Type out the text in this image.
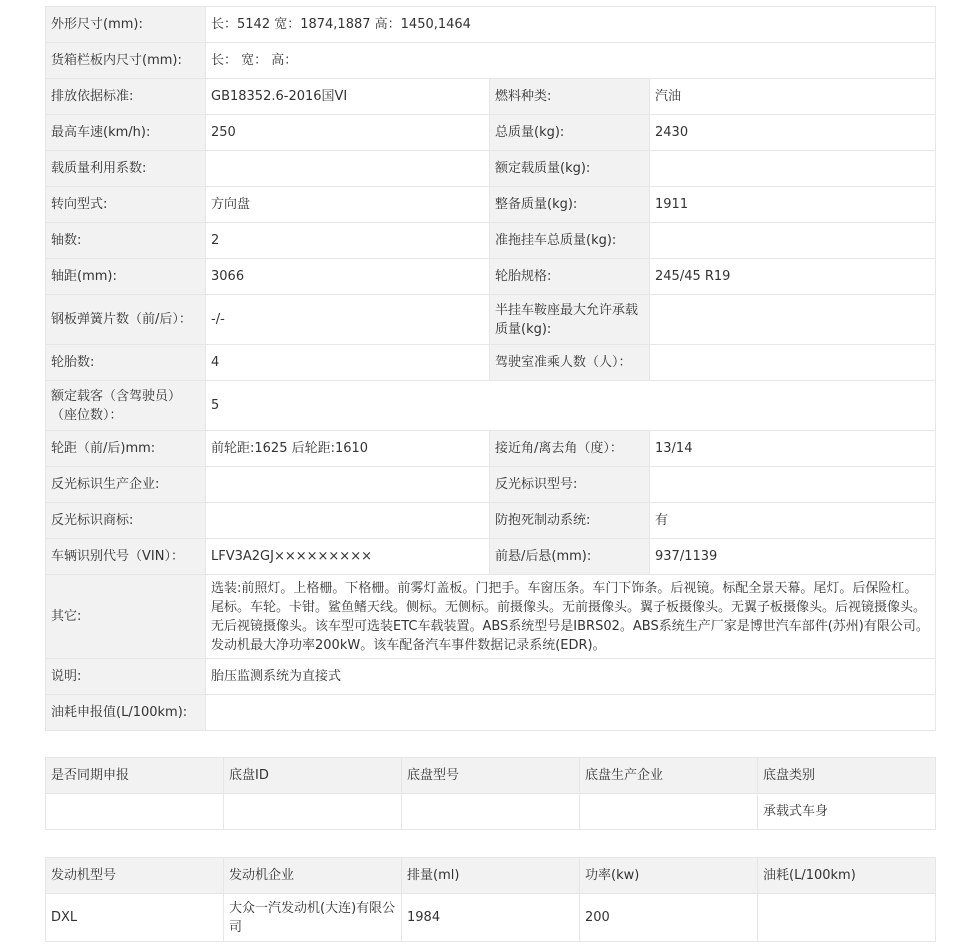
外形尺寸(mm):	长：5142 宽：1874,1887 高：1450,1464		
货箱栏板内尺寸(mm):	长： 宽： 高：		
排放依据标准:	GB18352.6-2016国VI	燃料种类:	汽油
最高车速(km/h):	250	总质量(kg):	2430
载质量利用系数:		额定载质量(kg):	
转向型式:	方向盘	整备质量(kg):	1911
轴数:	2	准拖挂车总质量(kg):	
轴距(mm):	3066	轮胎规格:	245/45 R19
钢板弹簧片数（前/后）：	-/-	半挂车鞍座最大允许承载质量(kg):	
轮胎数:	4	驾驶室准乘人数（人）：	
额定载客（含驾驶员）（座位数）：	5		
轮距（前/后)mm:	前轮距:1625 后轮距:1610	接近角/离去角（度）：	13/14
反光标识生产企业:		反光标识型号:	
反光标识商标:		防抱死制动系统:	有
车辆识别代号（VIN）：	LFV3A2GJ×××××××××	前悬/后悬(mm):	937/1139
其它:	选装:前照灯。上格栅。下格栅。前雾灯盖板。门把手。车窗压条。车门下饰条。后视镜。标配全景天幕。尾灯。后保险杠。尾标。车轮。卡钳。鲨鱼鳍天线。侧标。无侧标。前摄像头。无前摄像头。翼子板摄像头。无翼子板摄像头。后视镜摄像头。无后视镜摄像头。该车型可选装ETC车载装置。ABS系统型号是IBRS02。ABS系统生产厂家是博世汽车部件(苏州)有限公司。发动机最大净功率200kW。该车配备汽车事件数据记录系统(EDR)。		
说明:	胎压监测系统为直接式		
油耗申报值(L/100km):			
是否同期申报	底盘ID	底盘型号	底盘生产企业	底盘类别
				承载式车身
发动机型号	发动机企业	排量(ml)	功率(kw)	油耗(L/100km)
DXL	大众一汽发动机(大连)有限公司	1984	200	
